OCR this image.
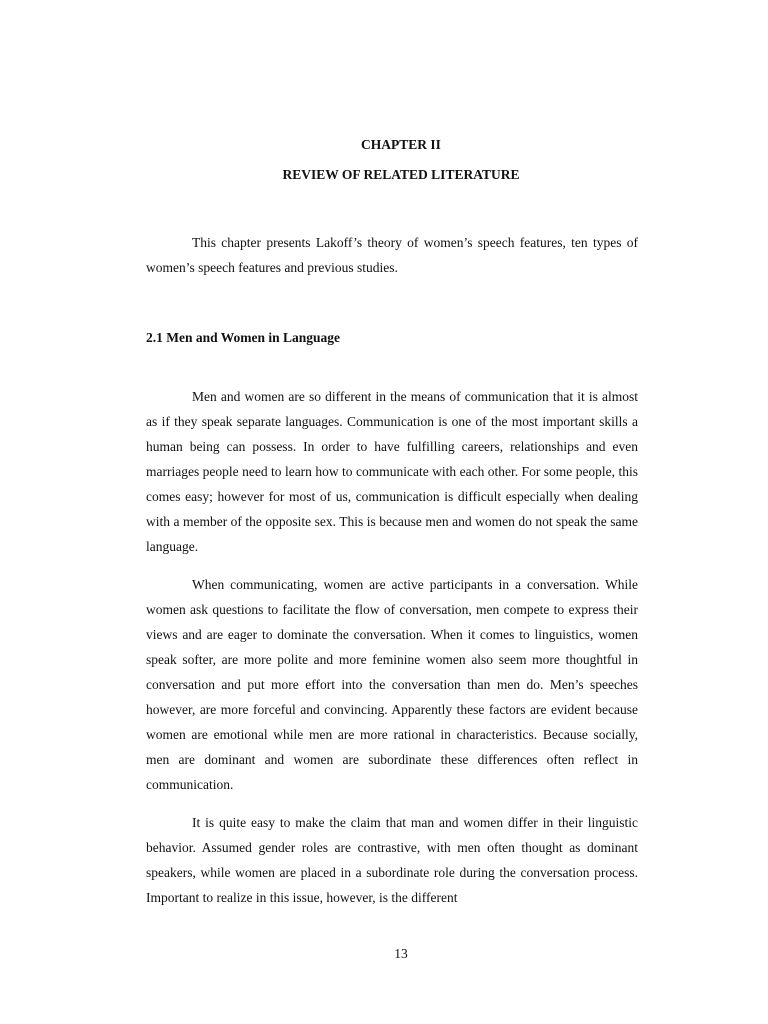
CHAPTER II
REVIEW OF RELATED LITERATURE

This chapter presents Lakoff’s theory of women’s speech features, ten types of women’s speech features and previous studies.

2.1 Men and Women in Language

Men and women are so different in the means of communication that it is almost as if they speak separate languages. Communication is one of the most important skills a human being can possess. In order to have fulfilling careers, relationships and even marriages people need to learn how to communicate with each other. For some people, this comes easy; however for most of us, communication is difficult especially when dealing with a member of the opposite sex. This is because men and women do not speak the same language.

When communicating, women are active participants in a conversation. While women ask questions to facilitate the flow of conversation, men compete to express their views and are eager to dominate the conversation. When it comes to linguistics, women speak softer, are more polite and more feminine women also seem more thoughtful in conversation and put more effort into the conversation than men do. Men’s speeches however, are more forceful and convincing. Apparently these factors are evident because women are emotional while men are more rational in characteristics. Because socially, men are dominant and women are subordinate these differences often reflect in communication.

It is quite easy to make the claim that man and women differ in their linguistic behavior. Assumed gender roles are contrastive, with men often thought as dominant speakers, while women are placed in a subordinate role during the conversation process. Important to realize in this issue, however, is the different

13
